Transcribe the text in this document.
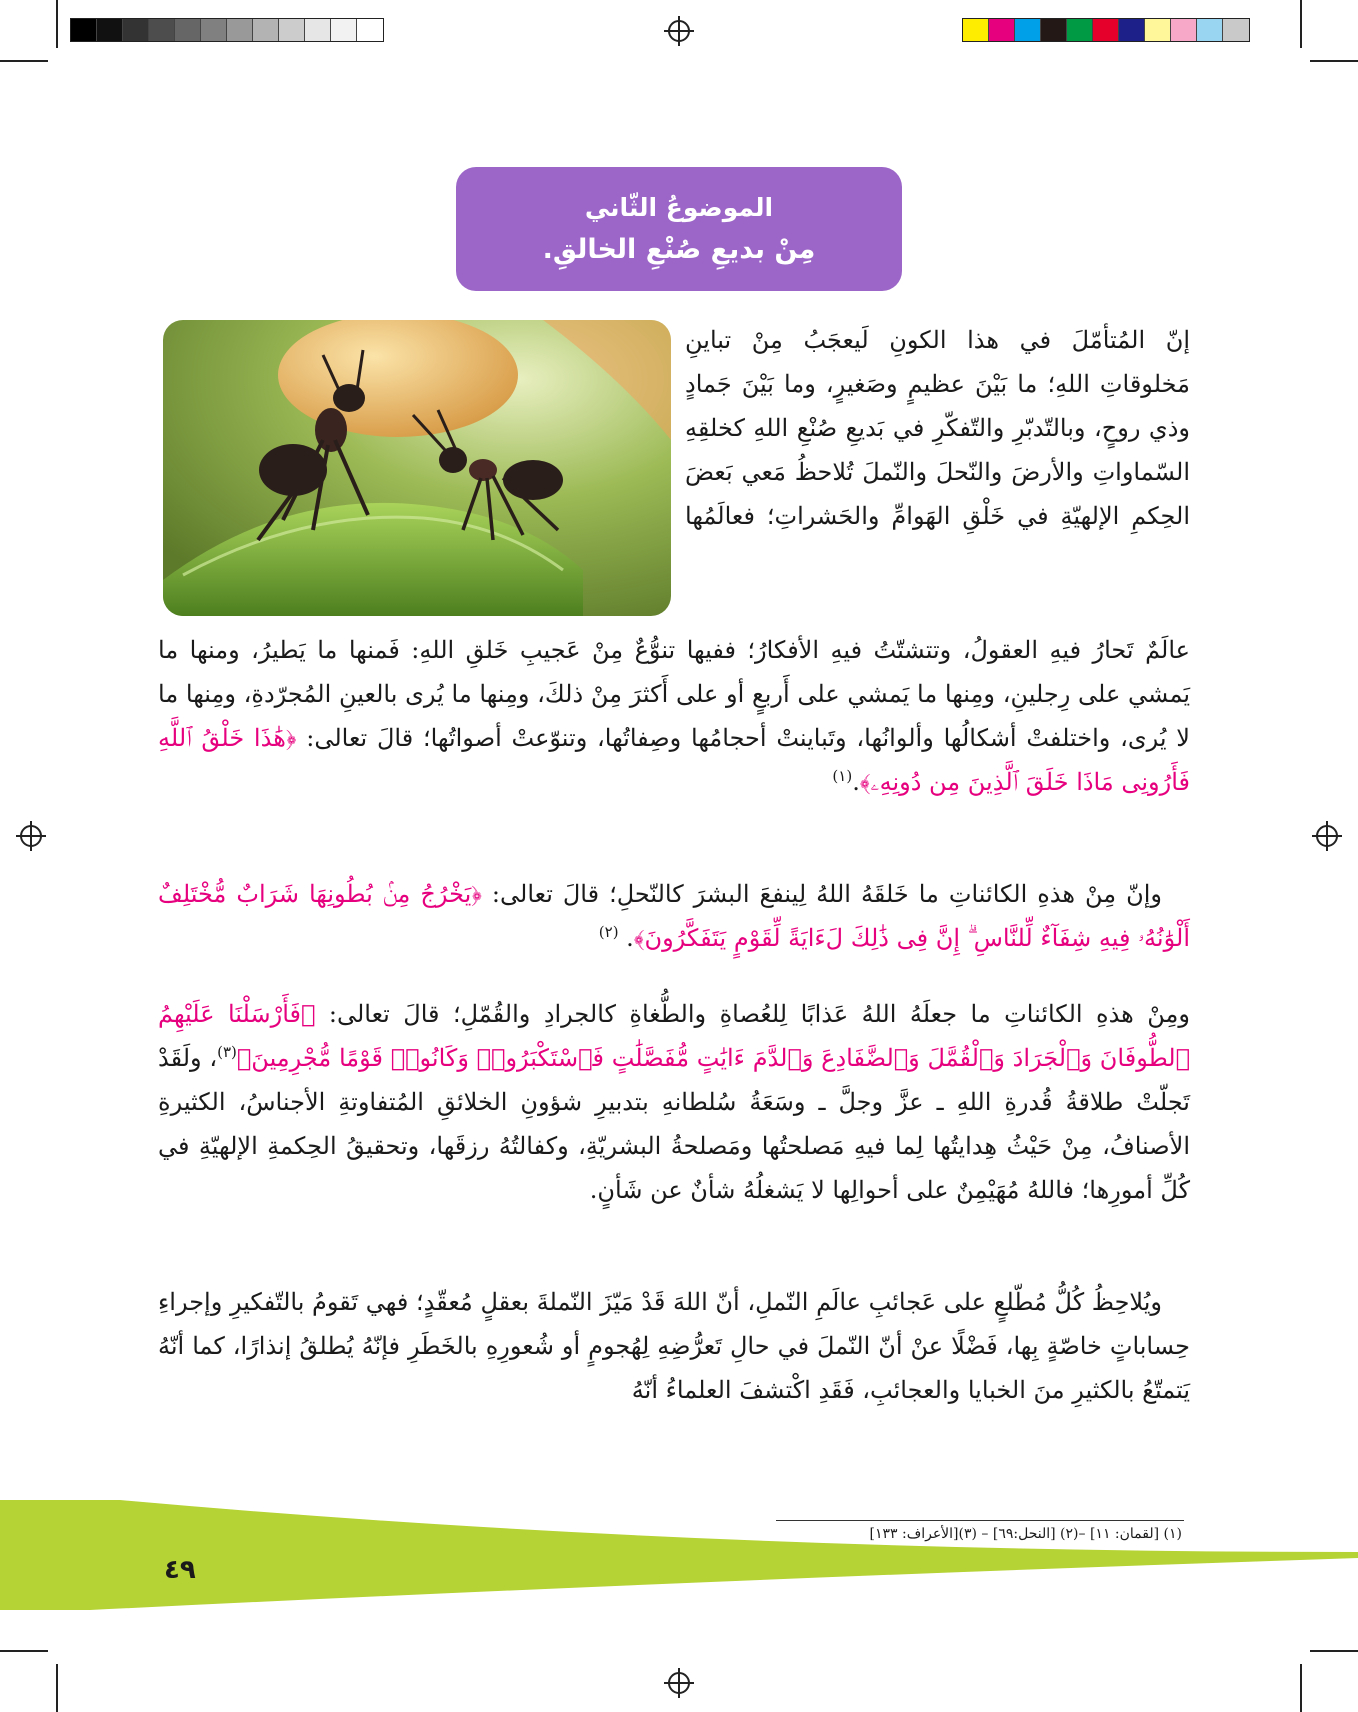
الموضوعُ الثّاني
مِنْ بديعِ صُنْعِ الخالقِ.
إنّ المُتأمّلَ في هذا الكونِ لَيعجَبُ مِنْ تباينِ مَخلوقاتِ اللهِ؛ ما بَيْنَ عظيمٍ وصَغيرٍ، وما بَيْنَ جَمادٍ وذي روحٍ، وبالتّدبّرِ والتّفكّرِ في بَديعِ صُنْعِ اللهِ كخلقِهِ السّماواتِ والأرضَ والنّحلَ والنّملَ تُلاحظُ مَعي بَعضَ الحِكمِ الإلهيّةِ في خَلْقِ الهَوامِّ والحَشراتِ؛ فعالَمُها
عالَمٌ تَحارُ فيهِ العقولُ، وتتشتّتُ فيهِ الأفكارُ؛ ففيها تنوُّعٌ مِنْ عَجيبِ خَلقِ اللهِ: فَمنها ما يَطيرُ، ومنها ما يَمشي على رِجلينِ، ومِنها ما يَمشي على أَربعٍ أو على أَكثرَ مِنْ ذلكَ، ومِنها ما يُرى بالعينِ المُجرّدةِ، ومِنها ما لا يُرى، واختلفتْ أشكالُها وألوانُها، وتَباينتْ أحجامُها وصِفاتُها، وتنوّعتْ أصواتُها؛ قالَ تعالى: ﴿هَٰذَا خَلْقُ ٱللَّهِ فَأَرُونِى مَاذَا خَلَقَ ٱلَّذِينَ مِن دُونِهِۦ﴾.$^{(١)}$
وإنّ مِنْ هذهِ الكائناتِ ما خَلقَهُ اللهُ لِينفعَ البشرَ كالنّحلِ؛ قالَ تعالى: ﴿يَخْرُجُ مِنۢ بُطُونِهَا شَرَابٌ مُّخْتَلِفٌ أَلْوَٰنُهُۥ فِيهِ شِفَآءٌ لِّلنَّاسِ ۗ إِنَّ فِى ذَٰلِكَ لَءَايَةً لِّقَوْمٍ يَتَفَكَّرُونَ﴾. $^{(٢)}$
ومِنْ هذهِ الكائناتِ ما جعلَهُ اللهُ عَذابًا لِلعُصاةِ والطُّغاةِ كالجرادِ والقُمّلِ؛ قالَ تعالى: ﴿فَأَرْسَلْنَا عَلَيْهِمُ ٱلطُّوفَانَ وَٱلْجَرَادَ وَٱلْقُمَّلَ وَٱلضَّفَادِعَ وَٱلدَّمَ ءَايَٰتٍ مُّفَصَّلَٰتٍ فَٱسْتَكْبَرُوا۟ وَكَانُوا۟ قَوْمًا مُّجْرِمِينَ﴾$^{(٣)}$، ولَقَدْ تَجلّتْ طلاقةُ قُدرةِ اللهِ ـ عزَّ وجلَّ ـ وسَعَةُ سُلطانهِ بتدبيرِ شؤونِ الخلائقِ المُتفاوتةِ الأجناسُ، الكثيرةِ الأصنافُ، مِنْ حَيْثُ هِدايتُها لِما فيهِ مَصلحتُها ومَصلحةُ البشريّةِ، وكفالتُهُ رزقَها، وتحقيقُ الحِكمةِ الإلهيّةِ في كُلِّ أمورِها؛ فاللهُ مُهَيْمِنٌ على أحوالِها لا يَشغلُهُ شأنٌ عن شَأنٍ.
ويُلاحِظُ كُلُّ مُطّلعٍ على عَجائبِ عالَمِ النّملِ، أنّ اللهَ قَدْ مَيّزَ النّملةَ بعقلٍ مُعقّدٍ؛ فهي تَقومُ بالتّفكيرِ وإجراءِ حِساباتٍ خاصّةٍ بِها، فَضْلًا عنْ أنّ النّملَ في حالِ تَعرُّضِهِ لِهُجومٍ أو شُعورِهِ بالخَطَرِ فإنّهُ يُطلقُ إنذارًا، كما أنّهُ يَتمتّعُ بالكثيرِ منَ الخبايا والعجائبِ، فَقَدِ اكْتشفَ العلماءُ أنّهُ
(١) [لقمان: ١١] –(٢) [النحل:٦٩] – (٣)[الأعراف: ١٣٣]
٤٩
